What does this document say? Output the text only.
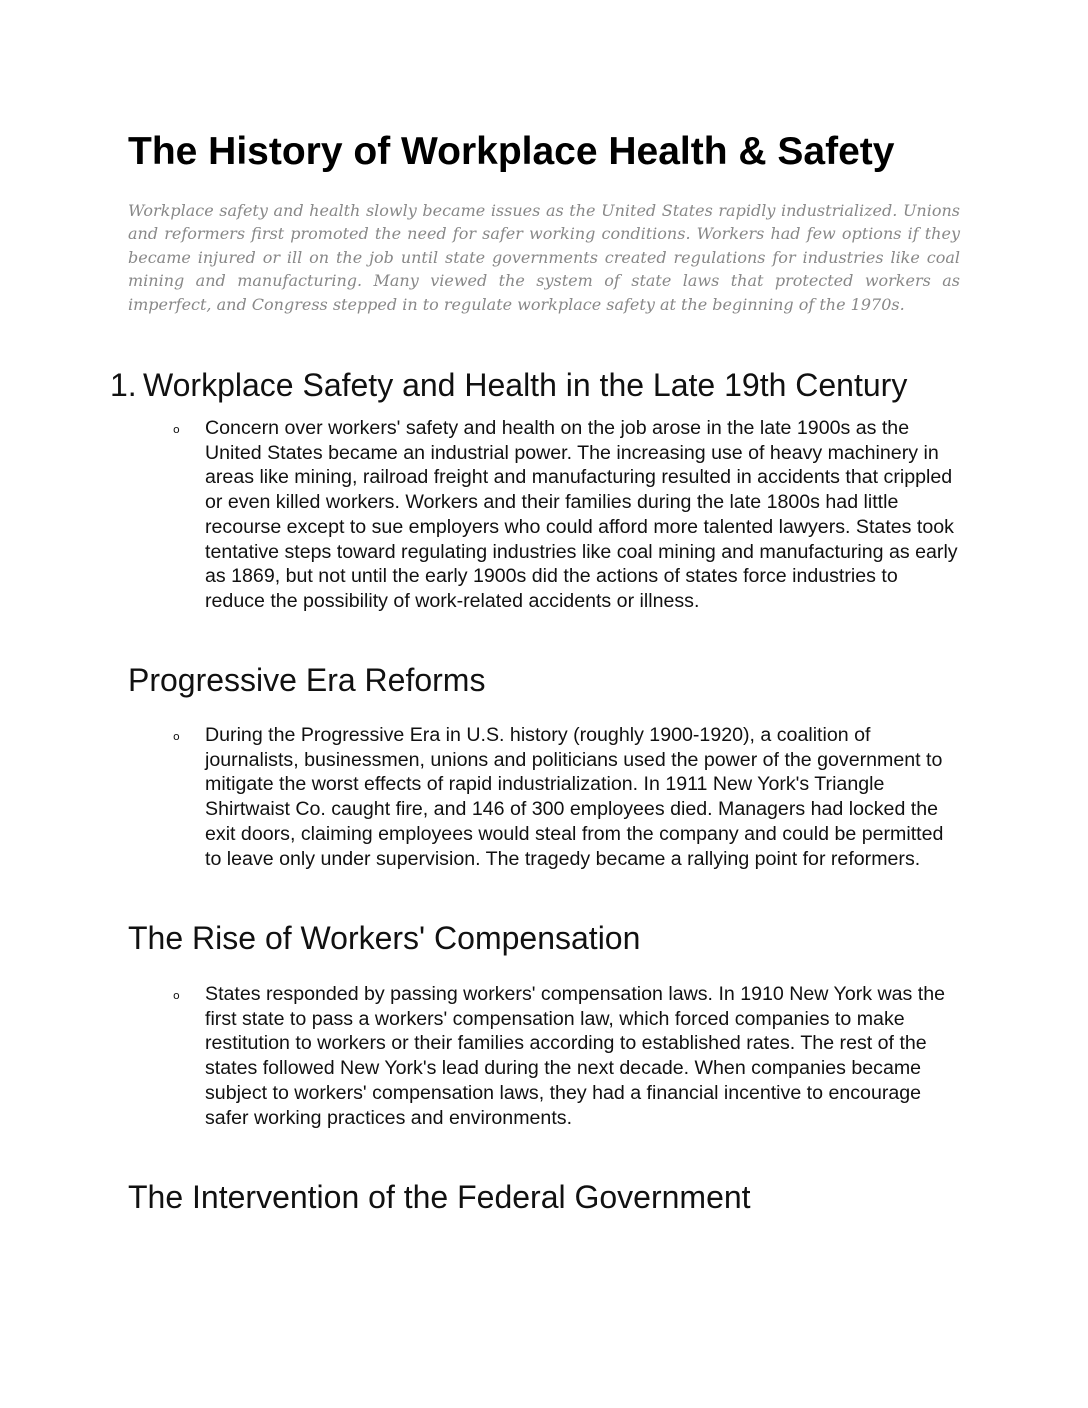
The History of Workplace Health & Safety

Workplace safety and health slowly became issues as the United States rapidly industrialized. Unions and reformers first promoted the need for safer working conditions. Workers had few options if they became injured or ill on the job until state governments created regulations for industries like coal mining and manufacturing. Many viewed the system of state laws that protected workers as imperfect, and Congress stepped in to regulate workplace safety at the beginning of the 1970s.

1. Workplace Safety and Health in the Late 19th Century
o Concern over workers' safety and health on the job arose in the late 1900s as the United States became an industrial power. The increasing use of heavy machinery in areas like mining, railroad freight and manufacturing resulted in accidents that crippled or even killed workers. Workers and their families during the late 1800s had little recourse except to sue employers who could afford more talented lawyers. States took tentative steps toward regulating industries like coal mining and manufacturing as early as 1869, but not until the early 1900s did the actions of states force industries to reduce the possibility of work-related accidents or illness.

Progressive Era Reforms
o During the Progressive Era in U.S. history (roughly 1900-1920), a coalition of journalists, businessmen, unions and politicians used the power of the government to mitigate the worst effects of rapid industrialization. In 1911 New York's Triangle Shirtwaist Co. caught fire, and 146 of 300 employees died. Managers had locked the exit doors, claiming employees would steal from the company and could be permitted to leave only under supervision. The tragedy became a rallying point for reformers.

The Rise of Workers' Compensation
o States responded by passing workers' compensation laws. In 1910 New York was the first state to pass a workers' compensation law, which forced companies to make restitution to workers or their families according to established rates. The rest of the states followed New York's lead during the next decade. When companies became subject to workers' compensation laws, they had a financial incentive to encourage safer working practices and environments.

The Intervention of the Federal Government
